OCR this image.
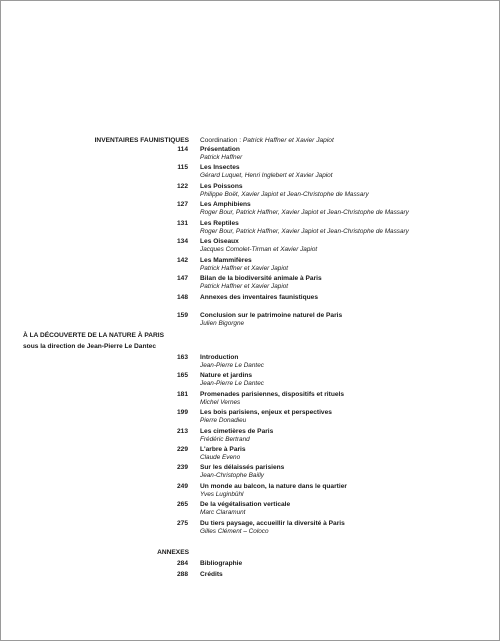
INVENTAIRES FAUNISTIQUES Coordination : Patrick Haffner et Xavier Japiot
114 Présentation
Patrick Haffner
115 Les Insectes
Gérard Luquet, Henri Inglebert et Xavier Japiot
122 Les Poissons
Philippe Boët, Xavier Japiot et Jean-Christophe de Massary
127 Les Amphibiens
Roger Bour, Patrick Haffner, Xavier Japiot et Jean-Christophe de Massary
131 Les Reptiles
Roger Bour, Patrick Haffner, Xavier Japiot et Jean-Christophe de Massary
134 Les Oiseaux
Jacques Comolet-Tirman et Xavier Japiot
142 Les Mammifères
Patrick Haffner et Xavier Japiot
147 Bilan de la biodiversité animale à Paris
Patrick Haffner et Xavier Japiot
148 Annexes des inventaires faunistiques
159 Conclusion sur le patrimoine naturel de Paris
Julien Bigorgne
À LA DÉCOUVERTE DE LA NATURE À PARIS
sous la direction de Jean-Pierre Le Dantec
163 Introduction
Jean-Pierre Le Dantec
165 Nature et jardins
Jean-Pierre Le Dantec
181 Promenades parisiennes, dispositifs et rituels
Michel Vernes
199 Les bois parisiens, enjeux et perspectives
Pierre Donadieu
213 Les cimetières de Paris
Frédéric Bertrand
229 L'arbre à Paris
Claude Eveno
239 Sur les délaissés parisiens
Jean-Christophe Bailly
249 Un monde au balcon, la nature dans le quartier
Yves Luginbühl
265 De la végétalisation verticale
Marc Claramunt
275 Du tiers paysage, accueillir la diversité à Paris
Gilles Clément – Coloco
ANNEXES
284 Bibliographie
288 Crédits
